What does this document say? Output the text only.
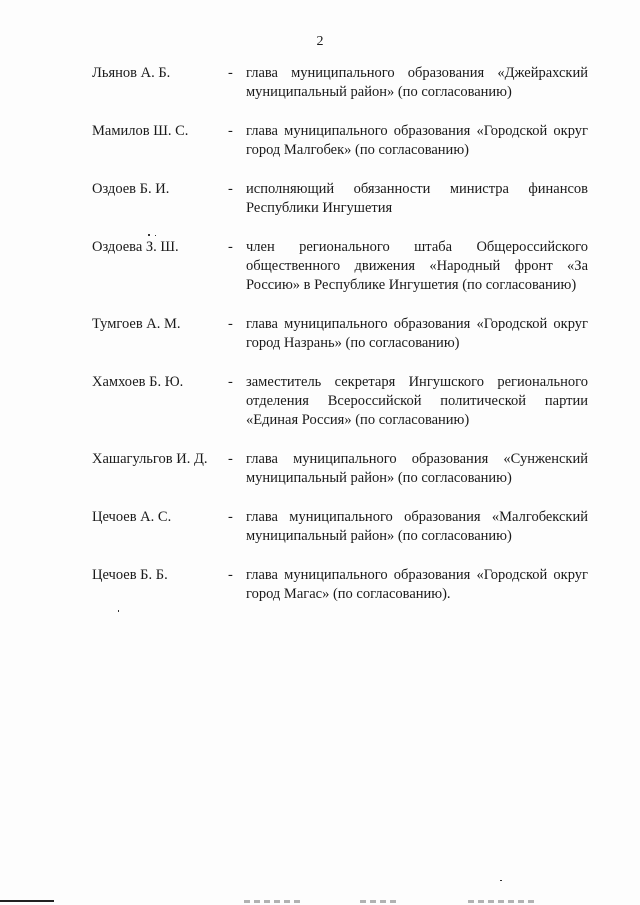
2
Льянов А. Б.	- глава муниципального образования «Джейрахский муниципальный район» (по согласованию)
Мамилов Ш. С.	- глава муниципального образования «Городской округ город Малгобек» (по согласованию)
Оздоев Б. И.	- исполняющий обязанности министра финансов Республики Ингушетия
Оздоева З. Ш.	- член регионального штаба Общероссийского общественного движения «Народный фронт «За Россию» в Республике Ингушетия (по согласованию)
Тумгоев А. М.	- глава муниципального образования «Городской округ город Назрань» (по согласованию)
Хамхоев Б. Ю.	- заместитель секретаря Ингушского регионального отделения Всероссийской политической партии «Единая Россия» (по согласованию)
Хашагульгов И. Д.	- глава муниципального образования «Сунженский муниципальный район» (по согласованию)
Цечоев А. С.	- глава муниципального образования «Малгобекский муниципальный район» (по согласованию)
Цечоев Б. Б.	- глава муниципального образования «Городской округ город Магас» (по согласованию).
